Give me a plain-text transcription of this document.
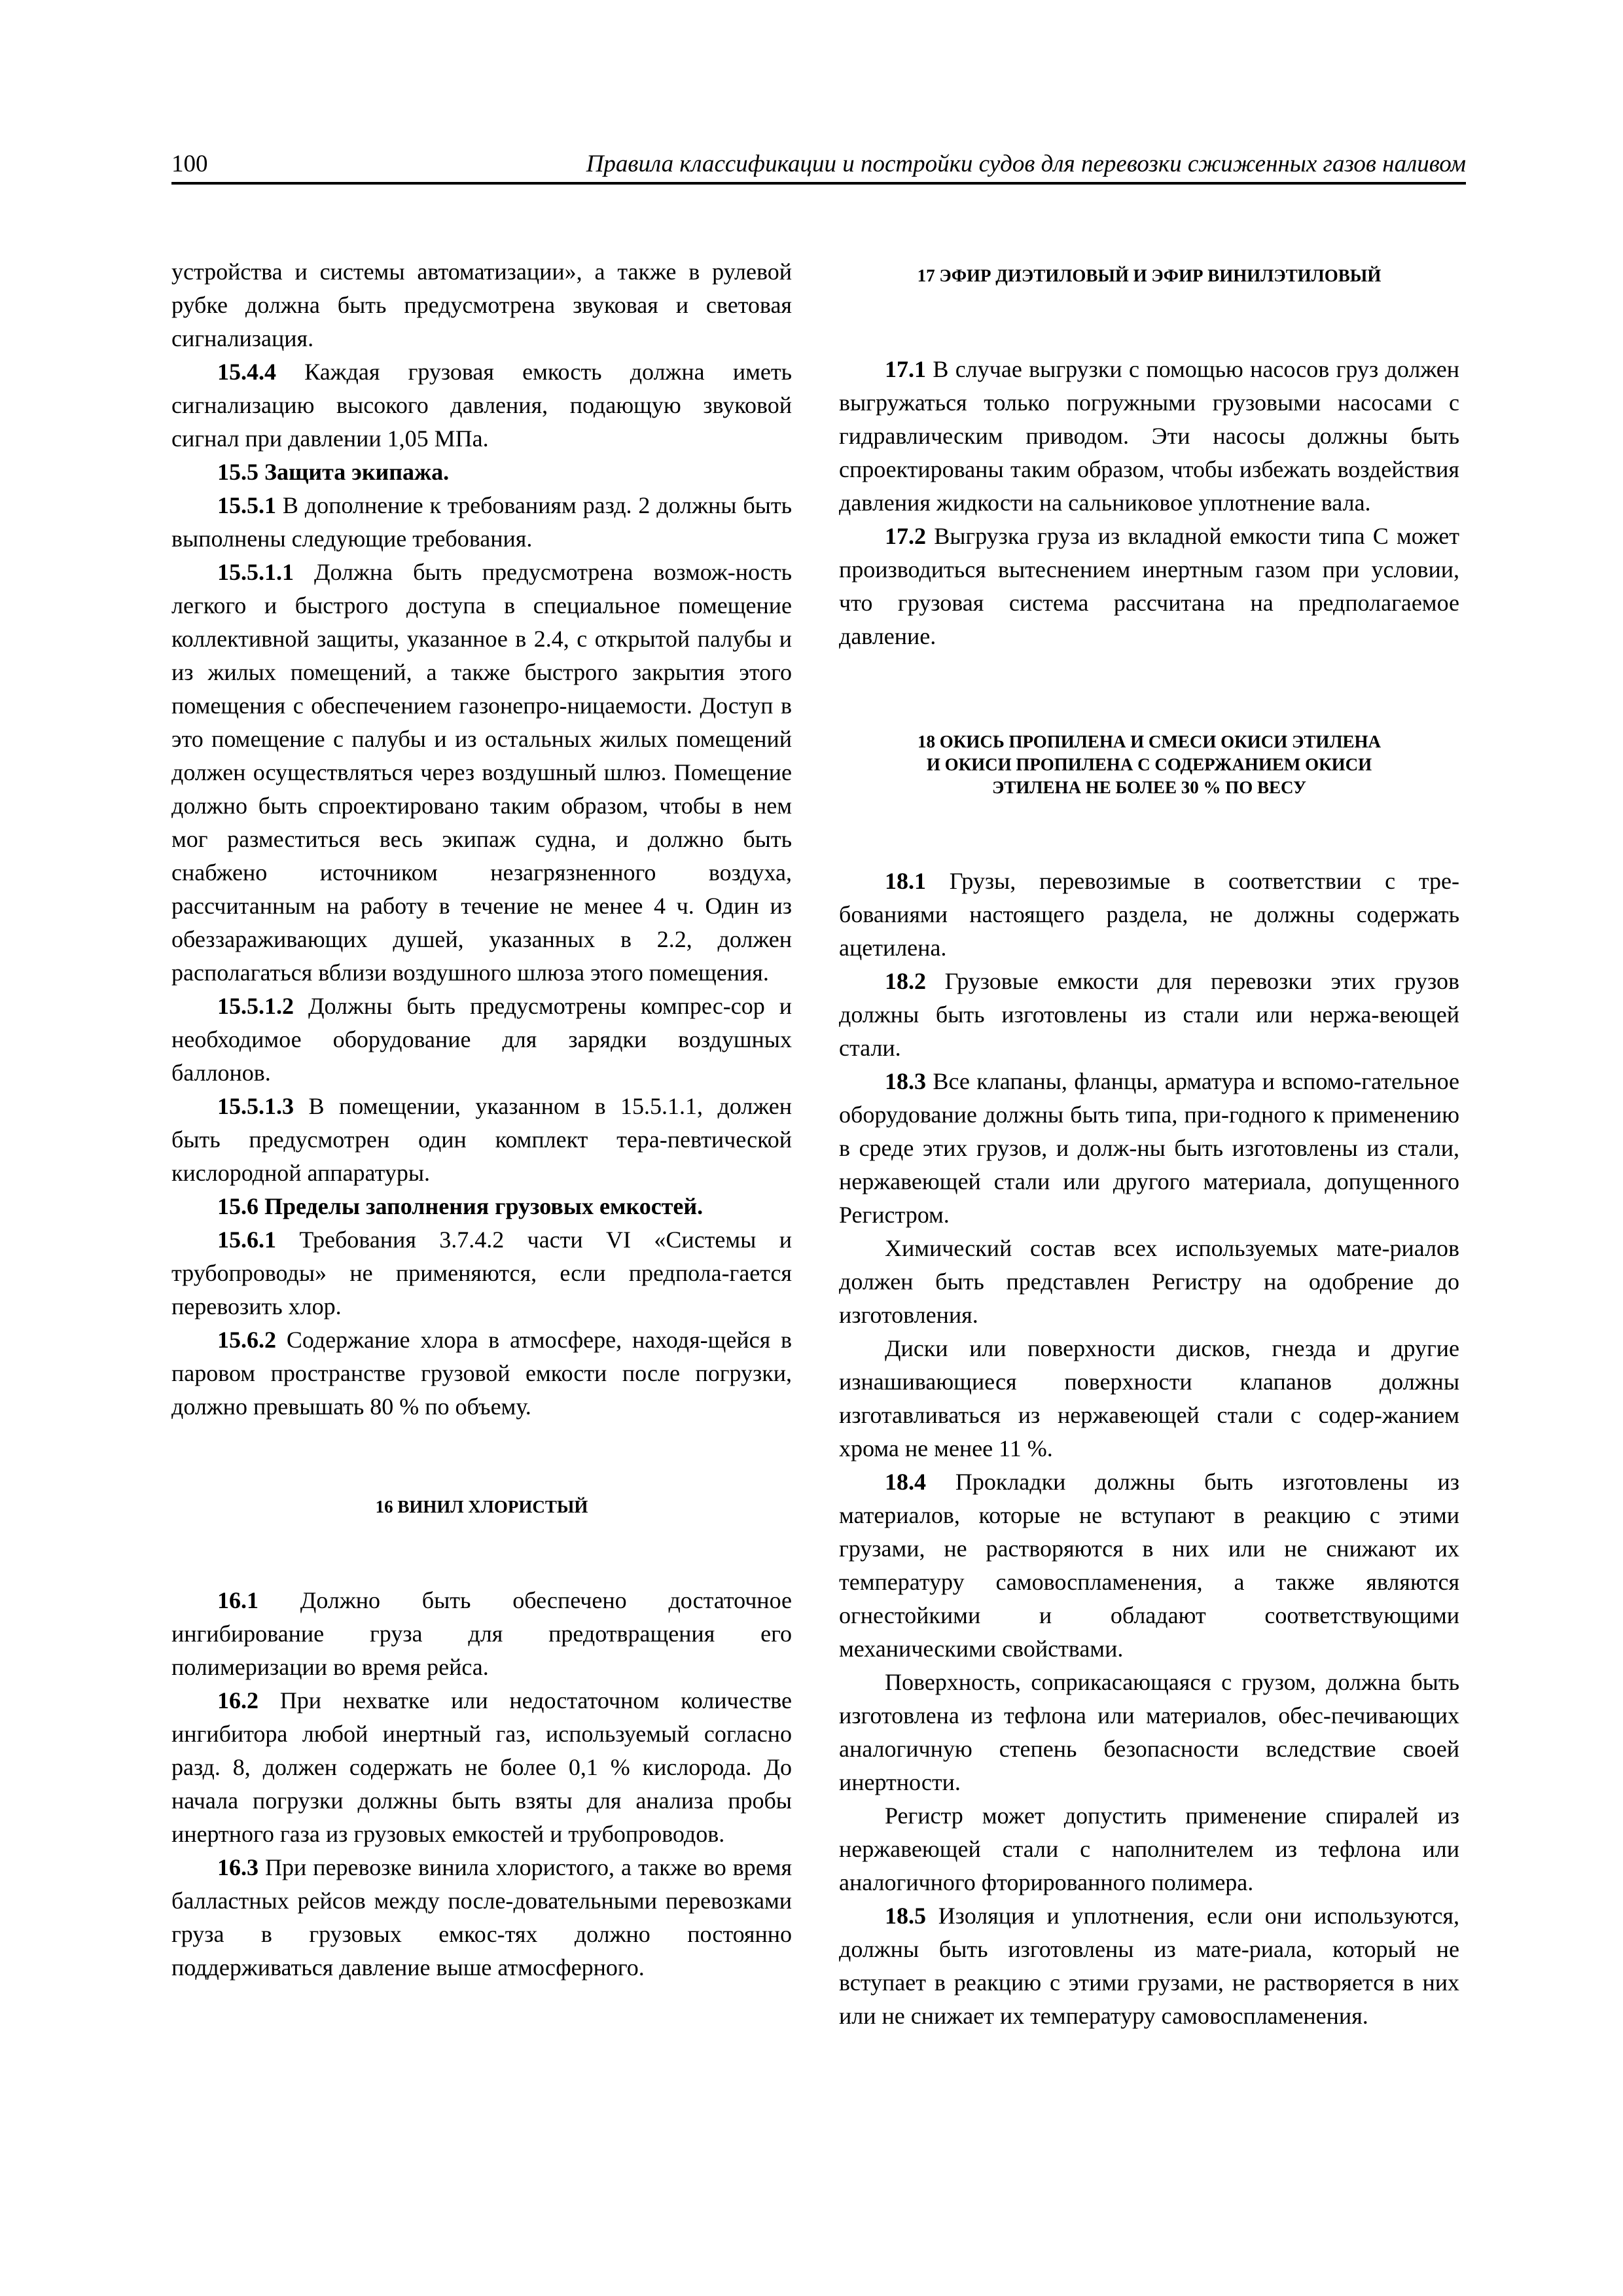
100	Правила классификации и постройки судов для перевозки сжиженных газов наливом

устройства и системы автоматизации», а также в рулевой рубке должна быть предусмотрена звуковая и световая сигнализация.

15.4.4 Каждая грузовая емкость должна иметь сигнализацию высокого давления, подающую звуковой сигнал при давлении 1,05 МПа.

15.5 Защита экипажа.

15.5.1 В дополнение к требованиям разд. 2 должны быть выполнены следующие требования.

15.5.1.1 Должна быть предусмотрена возмож-ность легкого и быстрого доступа в специальное помещение коллективной защиты, указанное в 2.4, с открытой палубы и из жилых помещений, а также быстрого закрытия этого помещения с обеспечением газонепро-ницаемости. Доступ в это помещение с палубы и из остальных жилых помещений должен осуществляться через воздушный шлюз. Помещение должно быть спроектировано таким образом, чтобы в нем мог разместиться весь экипаж судна, и должно быть снабжено источником незагрязненного воздуха, рассчитанным на работу в течение не менее 4 ч. Один из обеззараживающих душей, указанных в 2.2, должен располагаться вблизи воздушного шлюза этого помещения.

15.5.1.2 Должны быть предусмотрены компрес-сор и необходимое оборудование для зарядки воздушных баллонов.

15.5.1.3 В помещении, указанном в 15.5.1.1, должен быть предусмотрен один комплект тера-певтической кислородной аппаратуры.

15.6 Пределы заполнения грузовых емкостей.

15.6.1 Требования 3.7.4.2 части VI «Системы и трубопроводы» не применяются, если предпола-гается перевозить хлор.

15.6.2 Содержание хлора в атмосфере, находя-щейся в паровом пространстве грузовой емкости после погрузки, должно превышать 80 % по объему.

16 ВИНИЛ ХЛОРИСТЫЙ

16.1 Должно быть обеспечено достаточное ингибирование груза для предотвращения его полимеризации во время рейса.

16.2 При нехватке или недостаточном количестве ингибитора любой инертный газ, используемый согласно разд. 8, должен содержать не более 0,1 % кислорода. До начала погрузки должны быть взяты для анализа пробы инертного газа из грузовых емкостей и трубопроводов.

16.3 При перевозке винила хлористого, а также во время балластных рейсов между после-довательными перевозками груза в грузовых емкос-тях должно постоянно поддерживаться давление выше атмосферного.

17 ЭФИР ДИЭТИЛОВЫЙ И ЭФИР ВИНИЛЭТИЛОВЫЙ

17.1 В случае выгрузки с помощью насосов груз должен выгружаться только погружными грузовыми насосами с гидравлическим приводом. Эти насосы должны быть спроектированы таким образом, чтобы избежать воздействия давления жидкости на сальниковое уплотнение вала.

17.2 Выгрузка груза из вкладной емкости типа С может производиться вытеснением инертным газом при условии, что грузовая система рассчитана на предполагаемое давление.

18 ОКИСЬ ПРОПИЛЕНА И СМЕСИ ОКИСИ ЭТИЛЕНА
И ОКИСИ ПРОПИЛЕНА С СОДЕРЖАНИЕМ ОКИСИ
ЭТИЛЕНА НЕ БОЛЕЕ 30 % ПО ВЕСУ

18.1 Грузы, перевозимые в соответствии с тре-бованиями настоящего раздела, не должны содержать ацетилена.

18.2 Грузовые емкости для перевозки этих грузов должны быть изготовлены из стали или нержа-веющей стали.

18.3 Все клапаны, фланцы, арматура и вспомо-гательное оборудование должны быть типа, при-годного к применению в среде этих грузов, и долж-ны быть изготовлены из стали, нержавеющей стали или другого материала, допущенного Регистром.

Химический состав всех используемых мате-риалов должен быть представлен Регистру на одобрение до изготовления.

Диски или поверхности дисков, гнезда и другие изнашивающиеся поверхности клапанов должны изготавливаться из нержавеющей стали с содер-жанием хрома не менее 11 %.

18.4 Прокладки должны быть изготовлены из материалов, которые не вступают в реакцию с этими грузами, не растворяются в них или не снижают их температуру самовоспламенения, а также являются огнестойкими и обладают соответствующими механическими свойствами.

Поверхность, соприкасающаяся с грузом, должна быть изготовлена из тефлона или материалов, обес-печивающих аналогичную степень безопасности вследствие своей инертности.

Регистр может допустить применение спиралей из нержавеющей стали с наполнителем из тефлона или аналогичного фторированного полимера.

18.5 Изоляция и уплотнения, если они используются, должны быть изготовлены из мате-риала, который не вступает в реакцию с этими грузами, не растворяется в них или не снижает их температуру самовоспламенения.
